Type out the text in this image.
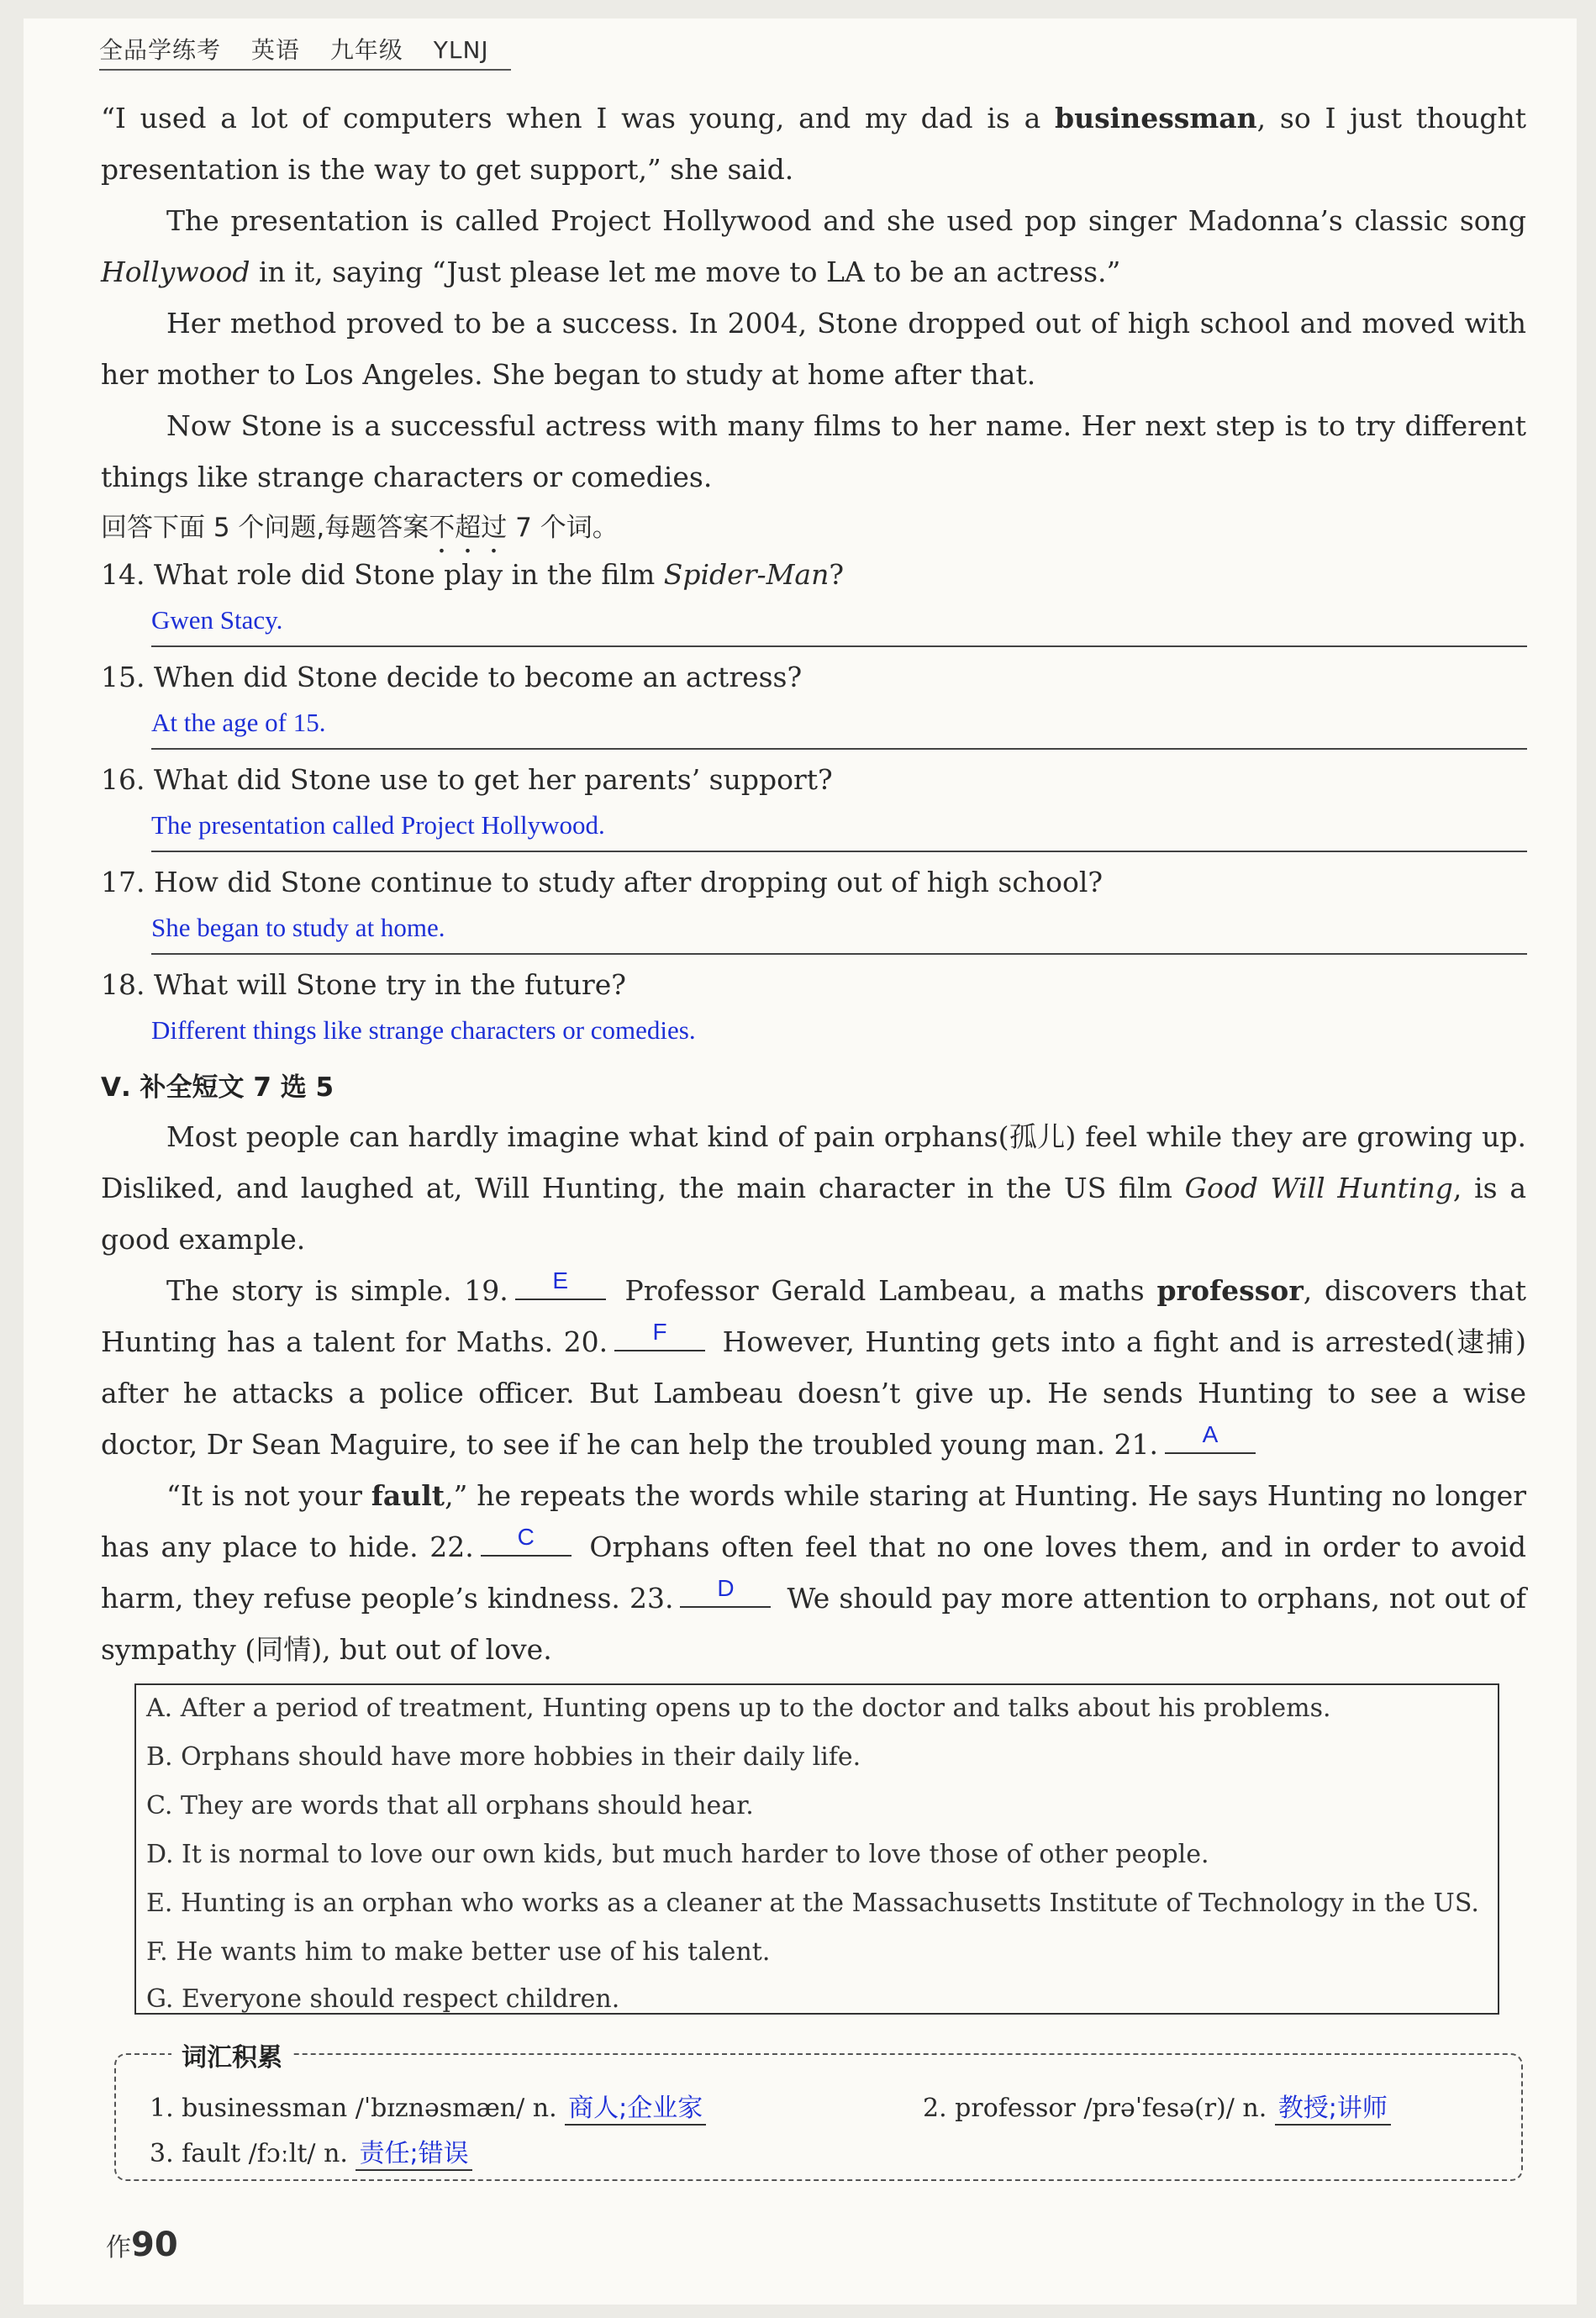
全品学练考 英语 九年级 YLNJ
“I used a lot of computers when I was young, and my dad is a businessman, so I just thought presentation is the way to get support,” she said.
The presentation is called Project Hollywood and she used pop singer Madonna’s classic song Hollywood in it, saying “Just please let me move to LA to be an actress.”
Her method proved to be a success. In 2004, Stone dropped out of high school and moved with her mother to Los Angeles. She began to study at home after that.
Now Stone is a successful actress with many films to her name. Her next step is to try different things like strange characters or comedies.
回答下面 5 个问题,每题答案不超过 7 个词。
14. What role did Stone play in the film Spider-Man?
Gwen Stacy.
15. When did Stone decide to become an actress?
At the age of 15.
16. What did Stone use to get her parents’ support?
The presentation called Project Hollywood.
17. How did Stone continue to study after dropping out of high school?
She began to study at home.
18. What will Stone try in the future?
Different things like strange characters or comedies.
Ⅴ. 补全短文 7 选 5
Most people can hardly imagine what kind of pain orphans(孤儿) feel while they are growing up. Disliked, and laughed at, Will Hunting, the main character in the US film Good Will Hunting, is a good example.
The story is simple. 19.	E	Professor Gerald Lambeau, a maths professor, discovers that Hunting has a talent for Maths. 20.	F	However, Hunting gets into a fight and is arrested(逮捕) after he attacks a police officer. But Lambeau doesn’t give up. He sends Hunting to see a wise doctor, Dr Sean Maguire, to see if he can help the troubled young man. 21.	A
“It is not your fault,” he repeats the words while staring at Hunting. He says Hunting no longer has any place to hide. 22.	C	Orphans often feel that no one loves them, and in order to avoid harm, they refuse people’s kindness. 23.	D	We should pay more attention to orphans, not out of sympathy (同情), but out of love.
A. After a period of treatment, Hunting opens up to the doctor and talks about his problems.
B. Orphans should have more hobbies in their daily life.
C. They are words that all orphans should hear.
D. It is normal to love our own kids, but much harder to love those of other people.
E. Hunting is an orphan who works as a cleaner at the Massachusetts Institute of Technology in the US.
F. He wants him to make better use of his talent.
G. Everyone should respect children.
词汇积累
1. businessman /ˈbɪznəsmæn/ n. 商人;企业家	2. professor /prəˈfesə(r)/ n. 教授;讲师
3. fault /fɔːlt/ n. 责任;错误
作90
